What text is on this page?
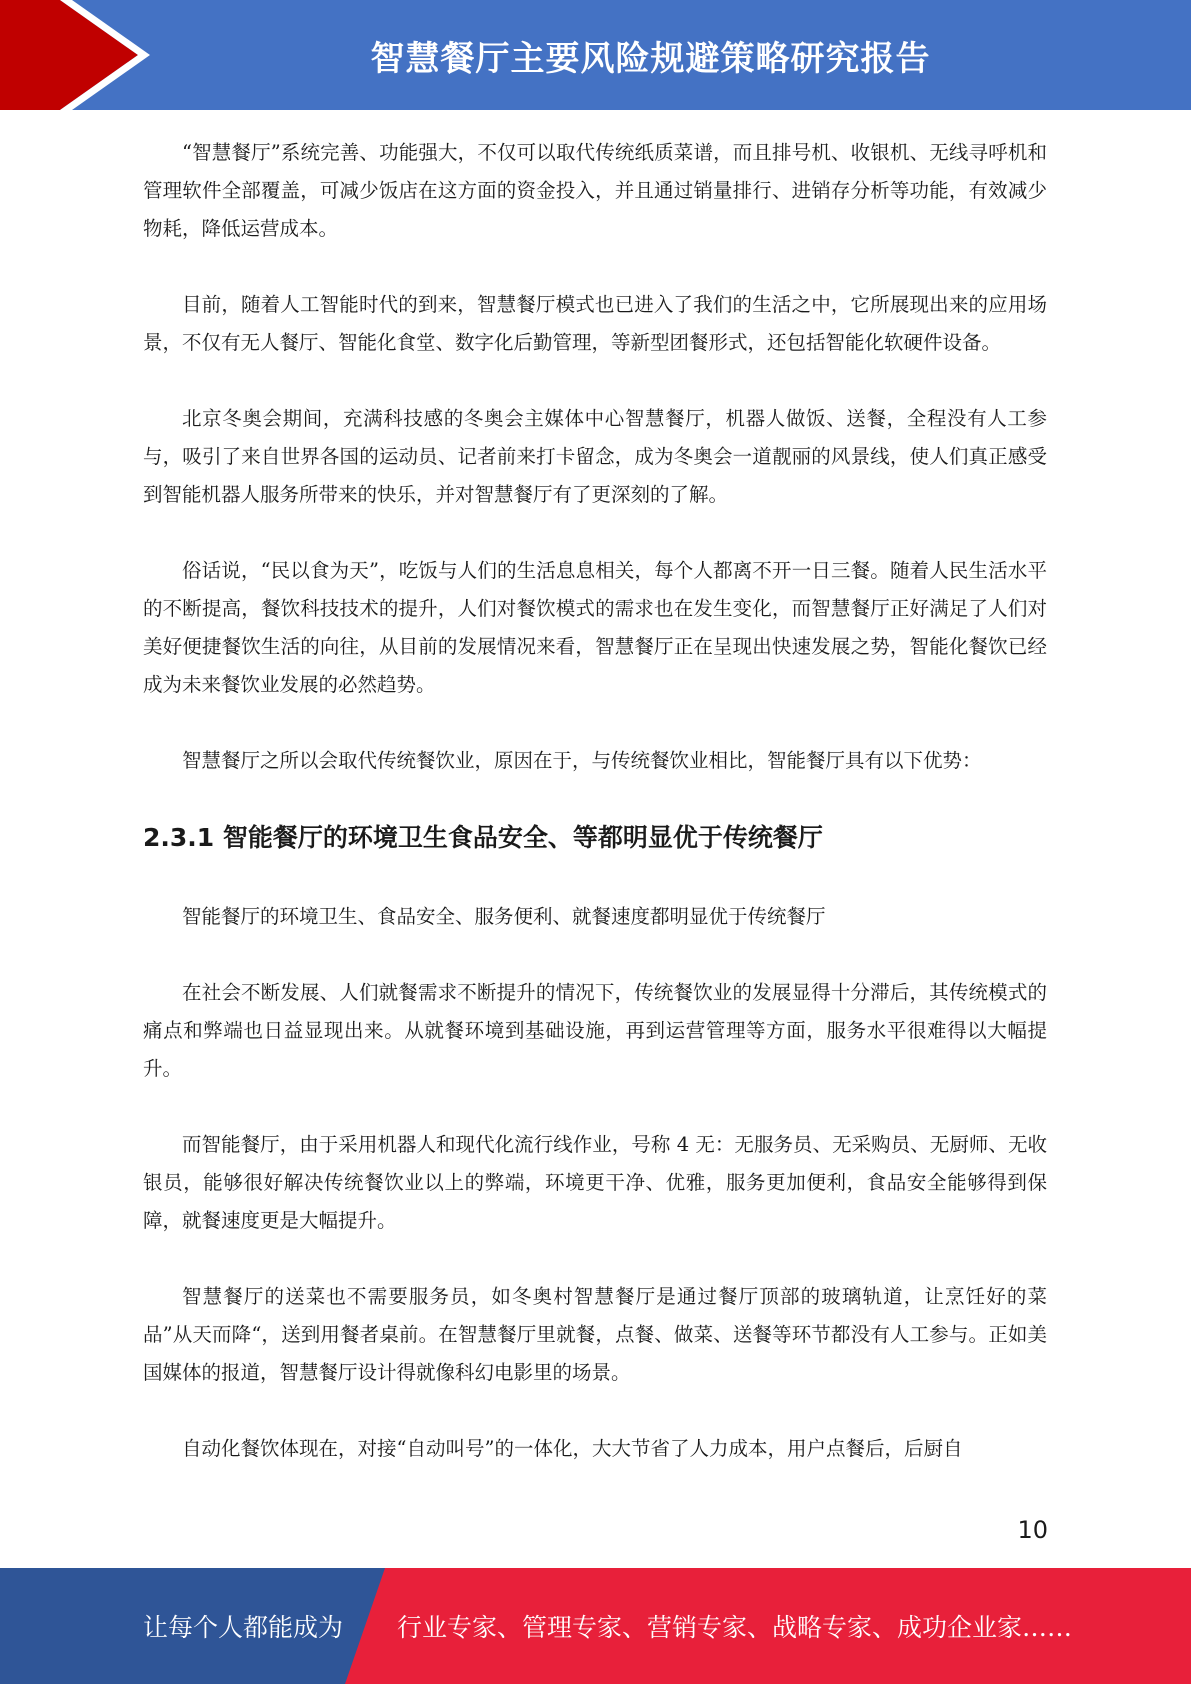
智慧餐厅主要风险规避策略研究报告

“智慧餐厅”系统完善、功能强大，不仅可以取代传统纸质菜谱，而且排号机、收银机、无线寻呼机和管理软件全部覆盖，可减少饭店在这方面的资金投入，并且通过销量排行、进销存分析等功能，有效减少物耗，降低运营成本。

目前，随着人工智能时代的到来，智慧餐厅模式也已进入了我们的生活之中，它所展现出来的应用场景，不仅有无人餐厅、智能化食堂、数字化后勤管理，等新型团餐形式，还包括智能化软硬件设备。

北京冬奥会期间，充满科技感的冬奥会主媒体中心智慧餐厅，机器人做饭、送餐，全程没有人工参与，吸引了来自世界各国的运动员、记者前来打卡留念，成为冬奥会一道靓丽的风景线，使人们真正感受到智能机器人服务所带来的快乐，并对智慧餐厅有了更深刻的了解。

俗话说，“民以食为天”，吃饭与人们的生活息息相关，每个人都离不开一日三餐。随着人民生活水平的不断提高，餐饮科技技术的提升，人们对餐饮模式的需求也在发生变化，而智慧餐厅正好满足了人们对美好便捷餐饮生活的向往，从目前的发展情况来看，智慧餐厅正在呈现出快速发展之势，智能化餐饮已经成为未来餐饮业发展的必然趋势。

智慧餐厅之所以会取代传统餐饮业，原因在于，与传统餐饮业相比，智能餐厅具有以下优势：

2.3.1 智能餐厅的环境卫生食品安全、等都明显优于传统餐厅

智能餐厅的环境卫生、食品安全、服务便利、就餐速度都明显优于传统餐厅

在社会不断发展、人们就餐需求不断提升的情况下，传统餐饮业的发展显得十分滞后，其传统模式的痛点和弊端也日益显现出来。从就餐环境到基础设施，再到运营管理等方面，服务水平很难得以大幅提升。

而智能餐厅，由于采用机器人和现代化流行线作业，号称 4 无：无服务员、无采购员、无厨师、无收银员，能够很好解决传统餐饮业以上的弊端，环境更干净、优雅，服务更加便利，食品安全能够得到保障，就餐速度更是大幅提升。

智慧餐厅的送菜也不需要服务员，如冬奥村智慧餐厅是通过餐厅顶部的玻璃轨道，让烹饪好的菜品”从天而降“，送到用餐者桌前。在智慧餐厅里就餐，点餐、做菜、送餐等环节都没有人工参与。正如美国媒体的报道，智慧餐厅设计得就像科幻电影里的场景。

自动化餐饮体现在，对接“自动叫号”的一体化，大大节省了人力成本，用户点餐后，后厨自

10
让每个人都能成为 行业专家、管理专家、营销专家、战略专家、成功企业家……
